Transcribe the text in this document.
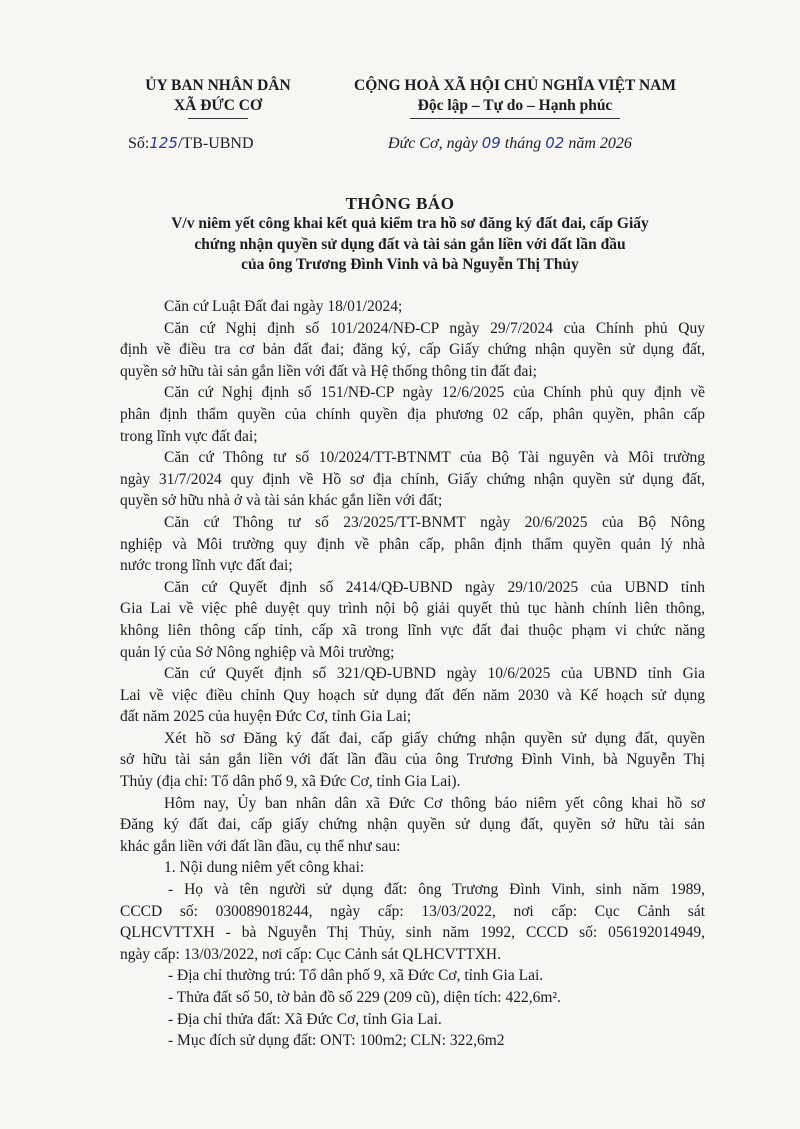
ỦY BAN NHÂN DÂN
XÃ ĐỨC CƠ
CỘNG HOÀ XÃ HỘI CHỦ NGHĨA VIỆT NAM
Độc lập – Tự do – Hạnh phúc
Số:125/TB-UBND	Đức Cơ, ngày 09 tháng 02 năm 2026
THÔNG BÁO
V/v niêm yết công khai kết quả kiểm tra hồ sơ đăng ký đất đai, cấp Giấy
chứng nhận quyền sử dụng đất và tài sản gắn liền với đất lần đầu
của ông Trương Đình Vinh và bà Nguyễn Thị Thủy
Căn cứ Luật Đất đai ngày 18/01/2024;
Căn cứ Nghị định số 101/2024/NĐ-CP ngày 29/7/2024 của Chính phủ Quy
định về điều tra cơ bản đất đai; đăng ký, cấp Giấy chứng nhận quyền sử dụng đất,
quyền sở hữu tài sản gắn liền với đất và Hệ thống thông tin đất đai;
Căn cứ Nghị định số 151/NĐ-CP ngày 12/6/2025 của Chính phủ quy định về
phân định thẩm quyền của chính quyền địa phương 02 cấp, phân quyền, phân cấp
trong lĩnh vực đất đai;
Căn cứ Thông tư số 10/2024/TT-BTNMT của Bộ Tài nguyên và Môi trường
ngày 31/7/2024 quy định về Hồ sơ địa chính, Giấy chứng nhận quyền sử dụng đất,
quyền sở hữu nhà ở và tài sản khác gắn liền với đất;
Căn cứ Thông tư số 23/2025/TT-BNMT ngày 20/6/2025 của Bộ Nông
nghiệp và Môi trường quy định về phân cấp, phân định thẩm quyền quản lý nhà
nước trong lĩnh vực đất đai;
Căn cứ Quyết định số 2414/QĐ-UBND ngày 29/10/2025 của UBND tỉnh
Gia Lai về việc phê duyệt quy trình nội bộ giải quyết thủ tục hành chính liên thông,
không liên thông cấp tỉnh, cấp xã trong lĩnh vực đất đai thuộc phạm vi chức năng
quản lý của Sở Nông nghiệp và Môi trường;
Căn cứ Quyết định số 321/QĐ-UBND ngày 10/6/2025 của UBND tỉnh Gia
Lai về việc điều chỉnh Quy hoạch sử dụng đất đến năm 2030 và Kế hoạch sử dụng
đất năm 2025 của huyện Đức Cơ, tỉnh Gia Lai;
Xét hồ sơ Đăng ký đất đai, cấp giấy chứng nhận quyền sử dụng đất, quyền
sở hữu tài sản gắn liền với đất lần đầu của ông Trương Đình Vinh, bà Nguyễn Thị
Thủy (địa chỉ: Tổ dân phố 9, xã Đức Cơ, tỉnh Gia Lai).
Hôm nay, Ủy ban nhân dân xã Đức Cơ thông báo niêm yết công khai hồ sơ
Đăng ký đất đai, cấp giấy chứng nhận quyền sử dụng đất, quyền sở hữu tài sản
khác gắn liền với đất lần đầu, cụ thể như sau:
1. Nội dung niêm yết công khai:
- Họ và tên người sử dụng đất: ông Trương Đình Vinh, sinh năm 1989,
CCCD số: 030089018244, ngày cấp: 13/03/2022, nơi cấp: Cục Cảnh sát
QLHCVTTXH - bà Nguyễn Thị Thủy, sinh năm 1992, CCCD số: 056192014949,
ngày cấp: 13/03/2022, nơi cấp: Cục Cảnh sát QLHCVTTXH.
- Địa chỉ thường trú: Tổ dân phố 9, xã Đức Cơ, tỉnh Gia Lai.
- Thửa đất số 50, tờ bản đồ số 229 (209 cũ), diện tích: 422,6m².
- Địa chỉ thửa đất: Xã Đức Cơ, tỉnh Gia Lai.
- Mục đích sử dụng đất: ONT: 100m2; CLN: 322,6m2
